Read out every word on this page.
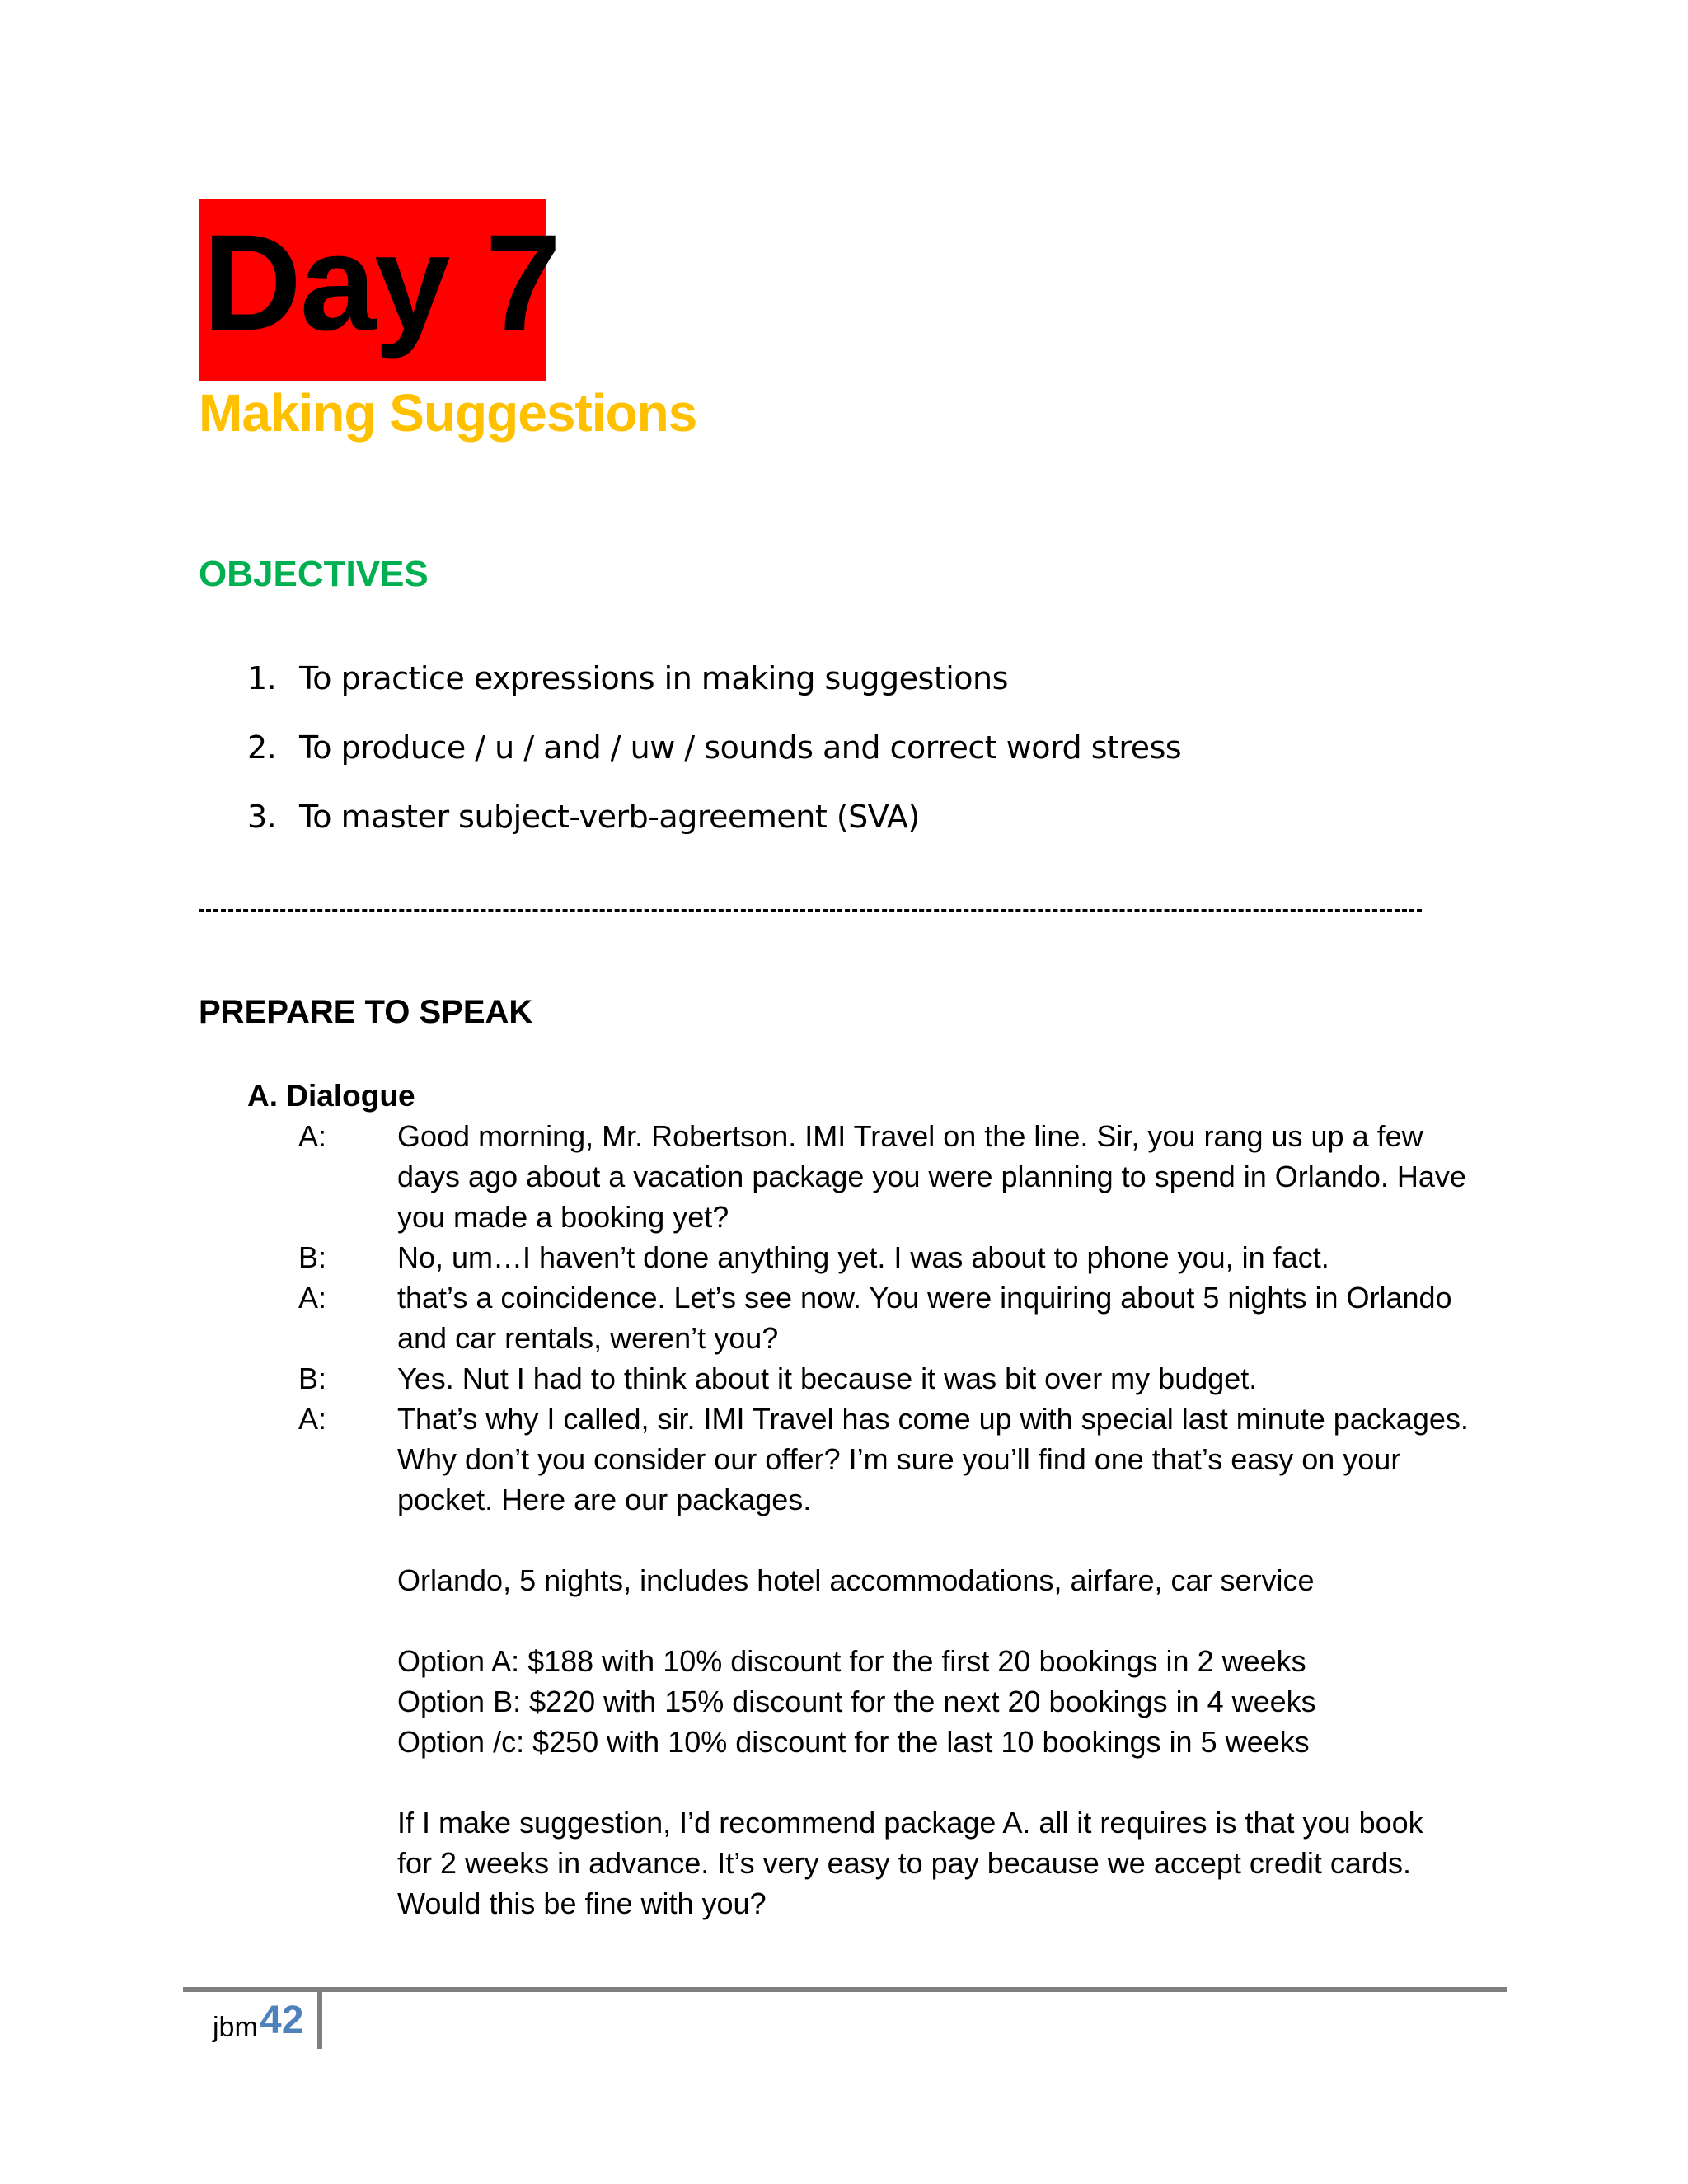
Day 7
Making Suggestions
OBJECTIVES
1. To practice expressions in making suggestions
2. To produce / u / and / uw / sounds and correct word stress
3. To master subject-verb-agreement (SVA)
PREPARE TO SPEAK
A. Dialogue
A: Good morning, Mr. Robertson. IMI Travel on the line. Sir, you rang us up a few
days ago about a vacation package you were planning to spend in Orlando. Have
you made a booking yet?
B: No, um…I haven’t done anything yet. I was about to phone you, in fact.
A: that’s a coincidence. Let’s see now. You were inquiring about 5 nights in Orlando
and car rentals, weren’t you?
B: Yes. Nut I had to think about it because it was bit over my budget.
A: That’s why I called, sir. IMI Travel has come up with special last minute packages.
Why don’t you consider our offer? I’m sure you’ll find one that’s easy on your
pocket. Here are our packages.
Orlando, 5 nights, includes hotel accommodations, airfare, car service
Option A: $188 with 10% discount for the first 20 bookings in 2 weeks
Option B: $220 with 15% discount for the next 20 bookings in 4 weeks
Option /c: $250 with 10% discount for the last 10 bookings in 5 weeks
If I make suggestion, I’d recommend package A. all it requires is that you book
for 2 weeks in advance. It’s very easy to pay because we accept credit cards.
Would this be fine with you?
jbm 42
